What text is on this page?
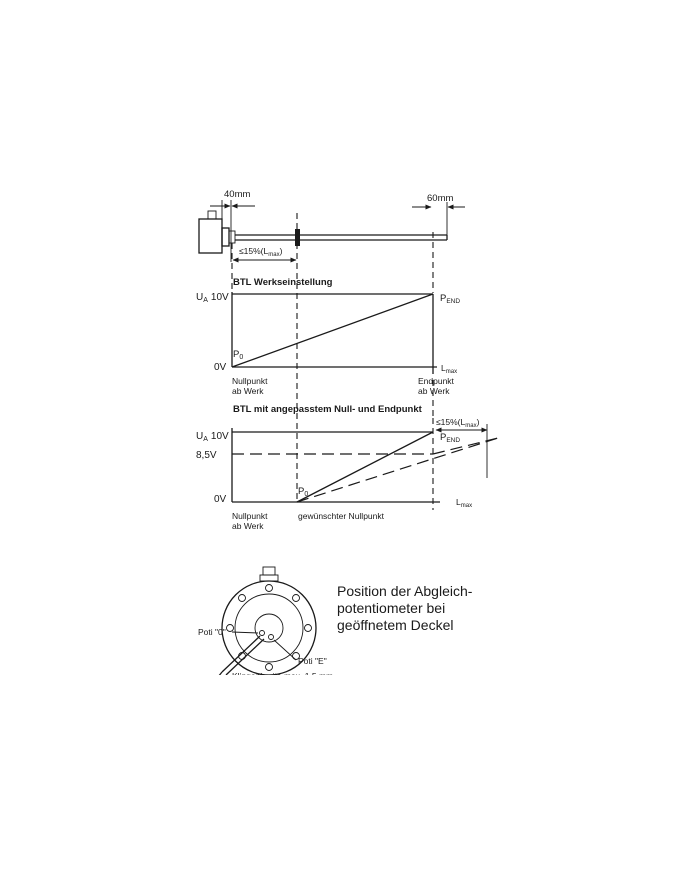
40mm	60mm
$\le 15\%(L_{max})$
BTL Werkseinstellung
$U_A$ 10V
0V
$P_0$
$P_{END}$
$L_{max}$
Nullpunkt
ab Werk
Endpunkt
ab Werk
BTL mit angepasstem Null- und Endpunkt
$\le 15\%(L_{max})$
$U_A$ 10V
8,5V
0V
$P_0$
$P_{END}$
$L_{max}$
Nullpunkt
ab Werk
gewünschter Nullpunkt
Poti "0"
Poti "E"
Position der Abgleich-
potentiometer bei
geöffnetem Deckel
